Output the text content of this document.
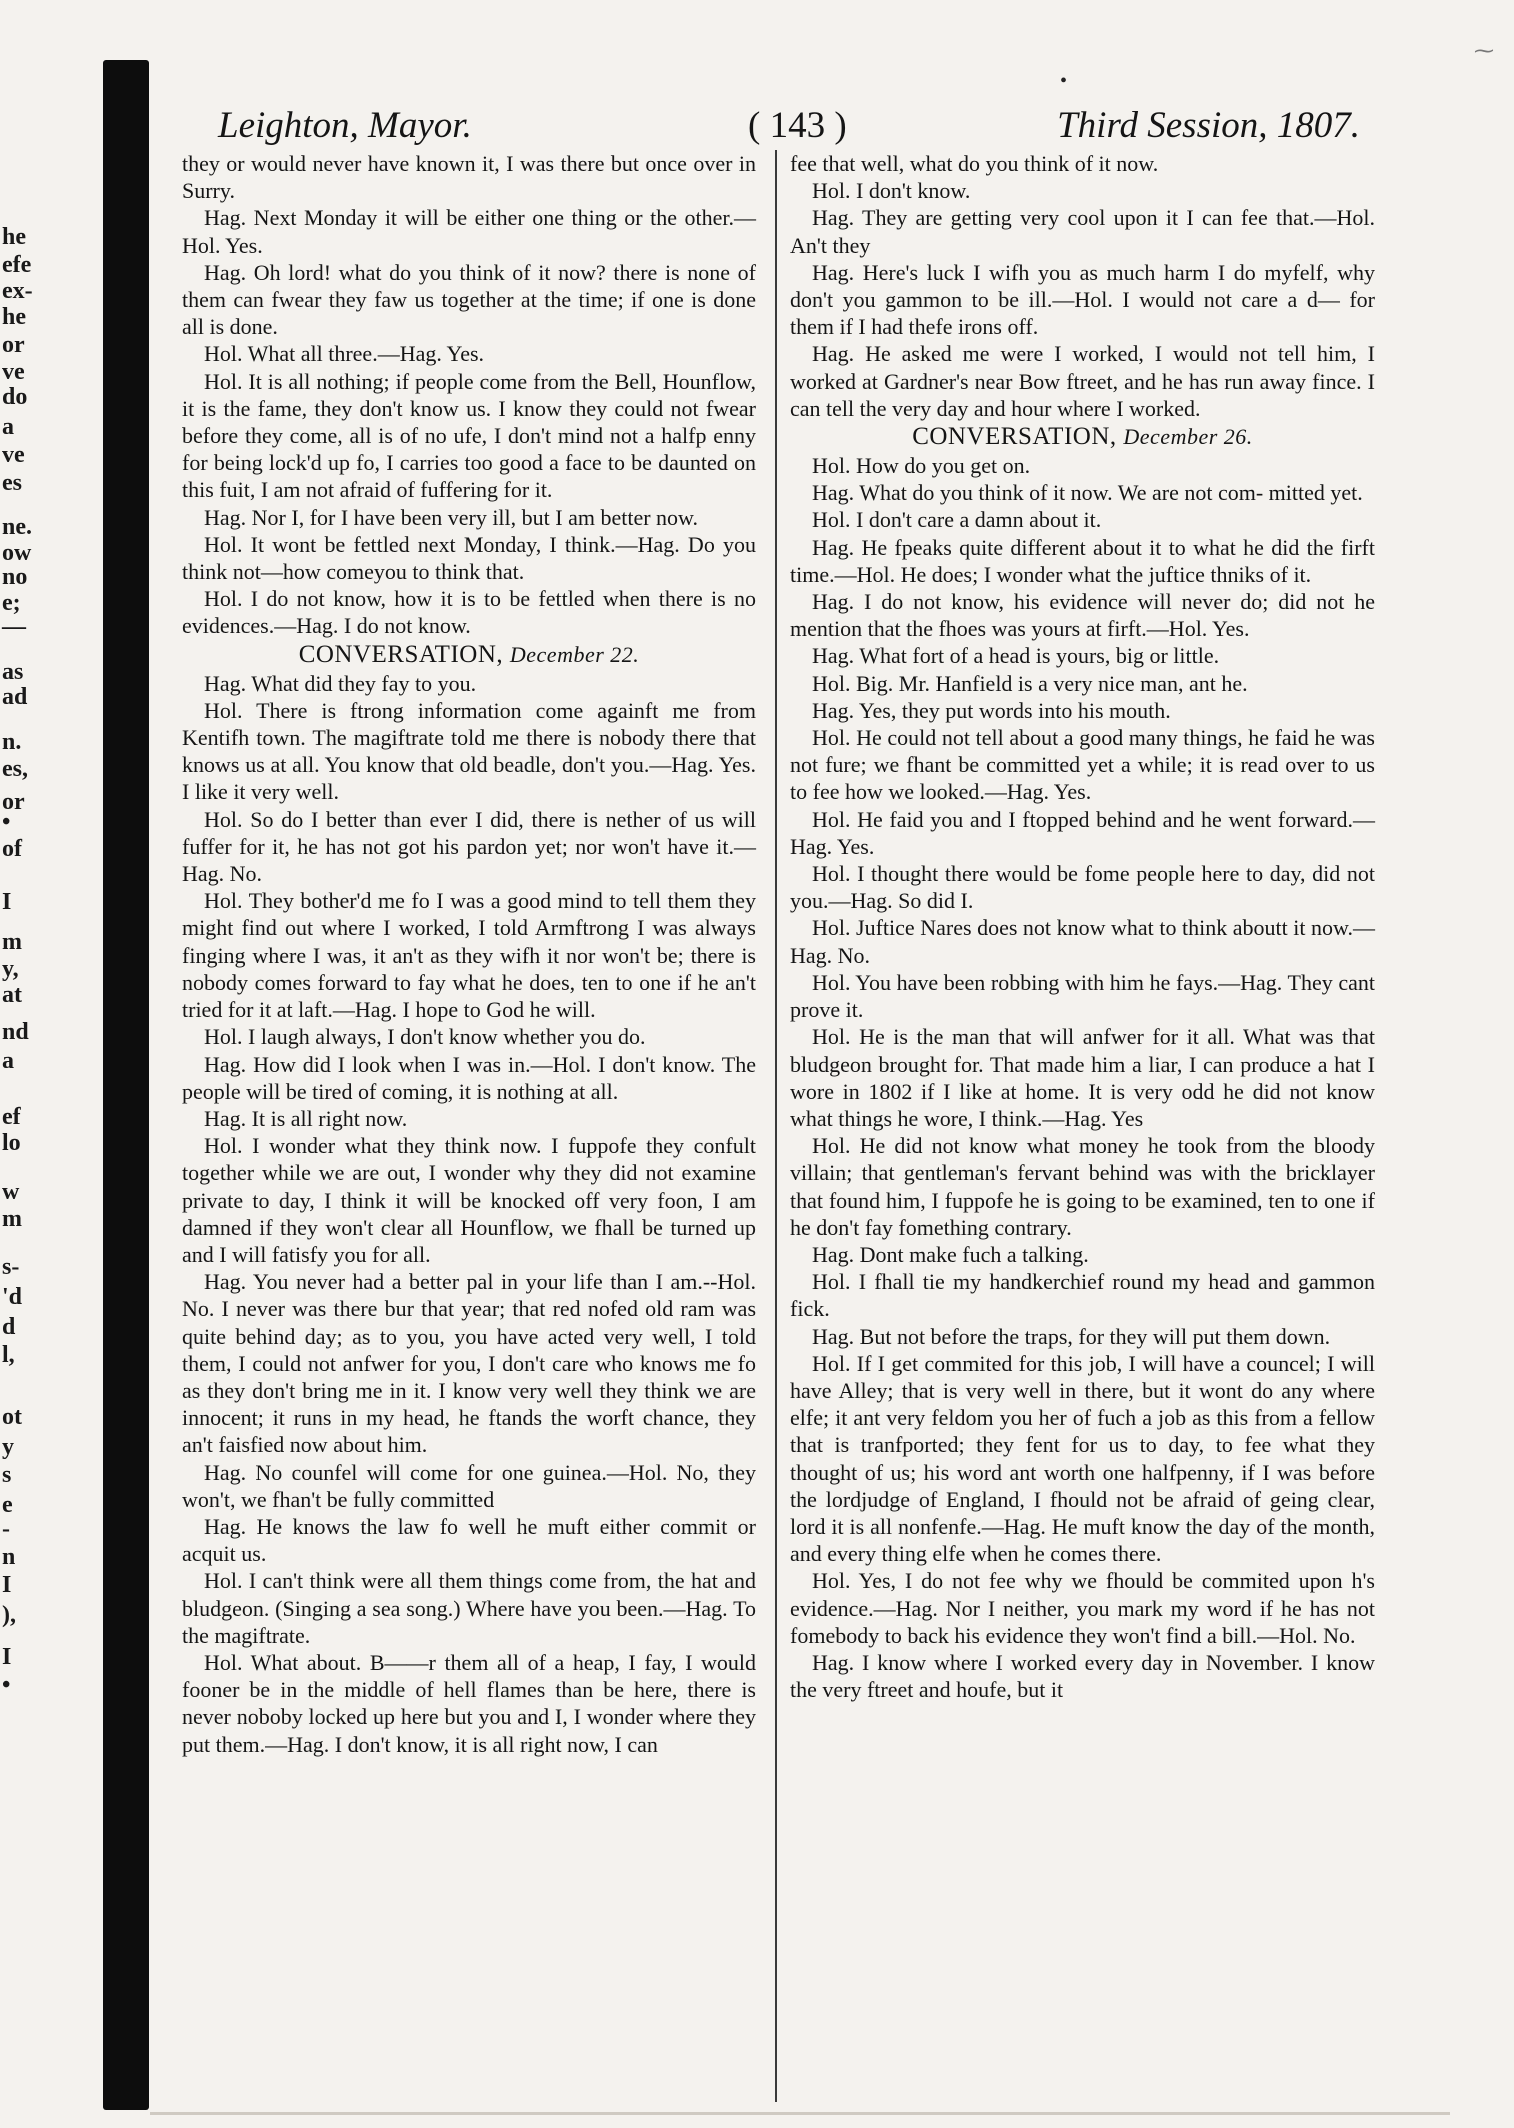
⁓
•
he
efe
ex-
he
or
ve
do
a
ve
es
ne.
ow
no
e;
—
as
ad
n.
es,
or
•
of
I
m
y,
at
nd
a
ef
lo
w
m
s-
'd
d
l,
ot
y
s
e
-
n
I
),
I
•
Leighton, Mayor.	( 143 )	Third Session, 1807.

they or would never have known it, I was there but once over in Surry.

Hag. Next Monday it will be either one thing or the other.—Hol. Yes.

Hag. Oh lord! what do you think of it now? there is none of them can fwear they faw us together at the time; if one is done all is done.

Hol. What all three.—Hag. Yes.

Hol. It is all nothing; if people come from the Bell, Hounflow, it is the fame, they don't know us. I know they could not fwear before they come, all is of no ufe, I don't mind not a halfp enny for being lock'd up fo, I carries too good a face to be daunted on this fuit, I am not afraid of fuffering for it.

Hag. Nor I, for I have been very ill, but I am better now.

Hol. It wont be fettled next Monday, I think.—Hag. Do you think not—how comeyou to think that.

Hol. I do not know, how it is to be fettled when there is no evidences.—Hag. I do not know.

CONVERSATION, December 22.

Hag. What did they fay to you.

Hol. There is ftrong information come againft me from Kentifh town. The magiftrate told me there is nobody there that knows us at all. You know that old beadle, don't you.—Hag. Yes. I like it very well.

Hol. So do I better than ever I did, there is nether of us will fuffer for it, he has not got his pardon yet; nor won't have it.—Hag. No.

Hol. They bother'd me fo I was a good mind to tell them they might find out where I worked, I told Armftrong I was always finging where I was, it an't as they wifh it nor won't be; there is nobody comes forward to fay what he does, ten to one if he an't tried for it at laft.—Hag. I hope to God he will.

Hol. I laugh always, I don't know whether you do.

Hag. How did I look when I was in.—Hol. I don't know. The people will be tired of coming, it is nothing at all.

Hag. It is all right now.

Hol. I wonder what they think now. I fuppofe they confult together while we are out, I wonder why they did not examine private to day, I think it will be knocked off very foon, I am damned if they won't clear all Hounflow, we fhall be turned up and I will fatisfy you for all.

Hag. You never had a better pal in your life than I am.--Hol. No. I never was there bur that year; that red nofed old ram was quite behind day; as to you, you have acted very well, I told them, I could not anfwer for you, I don't care who knows me fo as they don't bring me in it. I know very well they think we are innocent; it runs in my head, he ftands the worft chance, they an't faisfied now about him.

Hag. No counfel will come for one guinea.—Hol. No, they won't, we fhan't be fully committed

Hag. He knows the law fo well he muft either commit or acquit us.

Hol. I can't think were all them things come from, the hat and bludgeon. (Singing a sea song.) Where have you been.—Hag. To the magiftrate.

Hol. What about. B——r them all of a heap, I fay, I would fooner be in the middle of hell flames than be here, there is never noboby locked up here but you and I, I wonder where they put them.—Hag. I don't know, it is all right now, I can

fee that well, what do you think of it now.

Hol. I don't know.

Hag. They are getting very cool upon it I can fee that.—Hol. An't they

Hag. Here's luck I wifh you as much harm I do myfelf, why don't you gammon to be ill.—Hol. I would not care a d— for them if I had thefe irons off.

Hag. He asked me were I worked, I would not tell him, I worked at Gardner's near Bow ftreet, and he has run away fince. I can tell the very day and hour where I worked.

CONVERSATION, December 26.

Hol. How do you get on.

Hag. What do you think of it now. We are not com- mitted yet.

Hol. I don't care a damn about it.

Hag. He fpeaks quite different about it to what he did the firft time.—Hol. He does; I wonder what the juftice thniks of it.

Hag. I do not know, his evidence will never do; did not he mention that the fhoes was yours at firft.—Hol. Yes.

Hag. What fort of a head is yours, big or little.

Hol. Big. Mr. Hanfield is a very nice man, ant he.

Hag. Yes, they put words into his mouth.

Hol. He could not tell about a good many things, he faid he was not fure; we fhant be committed yet a while; it is read over to us to fee how we looked.—Hag. Yes.

Hol. He faid you and I ftopped behind and he went forward.—Hag. Yes.

Hol. I thought there would be fome people here to day, did not you.—Hag. So did I.

Hol. Juftice Nares does not know what to think aboutt it now.—Hag. No.

Hol. You have been robbing with him he fays.—Hag. They cant prove it.

Hol. He is the man that will anfwer for it all. What was that bludgeon brought for. That made him a liar, I can produce a hat I wore in 1802 if I like at home. It is very odd he did not know what things he wore, I think.—Hag. Yes

Hol. He did not know what money he took from the bloody villain; that gentleman's fervant behind was with the bricklayer that found him, I fuppofe he is going to be examined, ten to one if he don't fay fomething contrary.

Hag. Dont make fuch a talking.

Hol. I fhall tie my handkerchief round my head and gammon fick.

Hag. But not before the traps, for they will put them down.

Hol. If I get commited for this job, I will have a councel; I will have Alley; that is very well in there, but it wont do any where elfe; it ant very feldom you her of fuch a job as this from a fellow that is tranfported; they fent for us to day, to fee what they thought of us; his word ant worth one halfpenny, if I was before the lordjudge of England, I fhould not be afraid of geing clear, lord it is all nonfenfe.—Hag. He muft know the day of the month, and every thing elfe when he comes there.

Hol. Yes, I do not fee why we fhould be commited upon h's evidence.—Hag. Nor I neither, you mark my word if he has not fomebody to back his evidence they won't find a bill.—Hol. No.

Hag. I know where I worked every day in November. I know the very ftreet and houfe, but it
